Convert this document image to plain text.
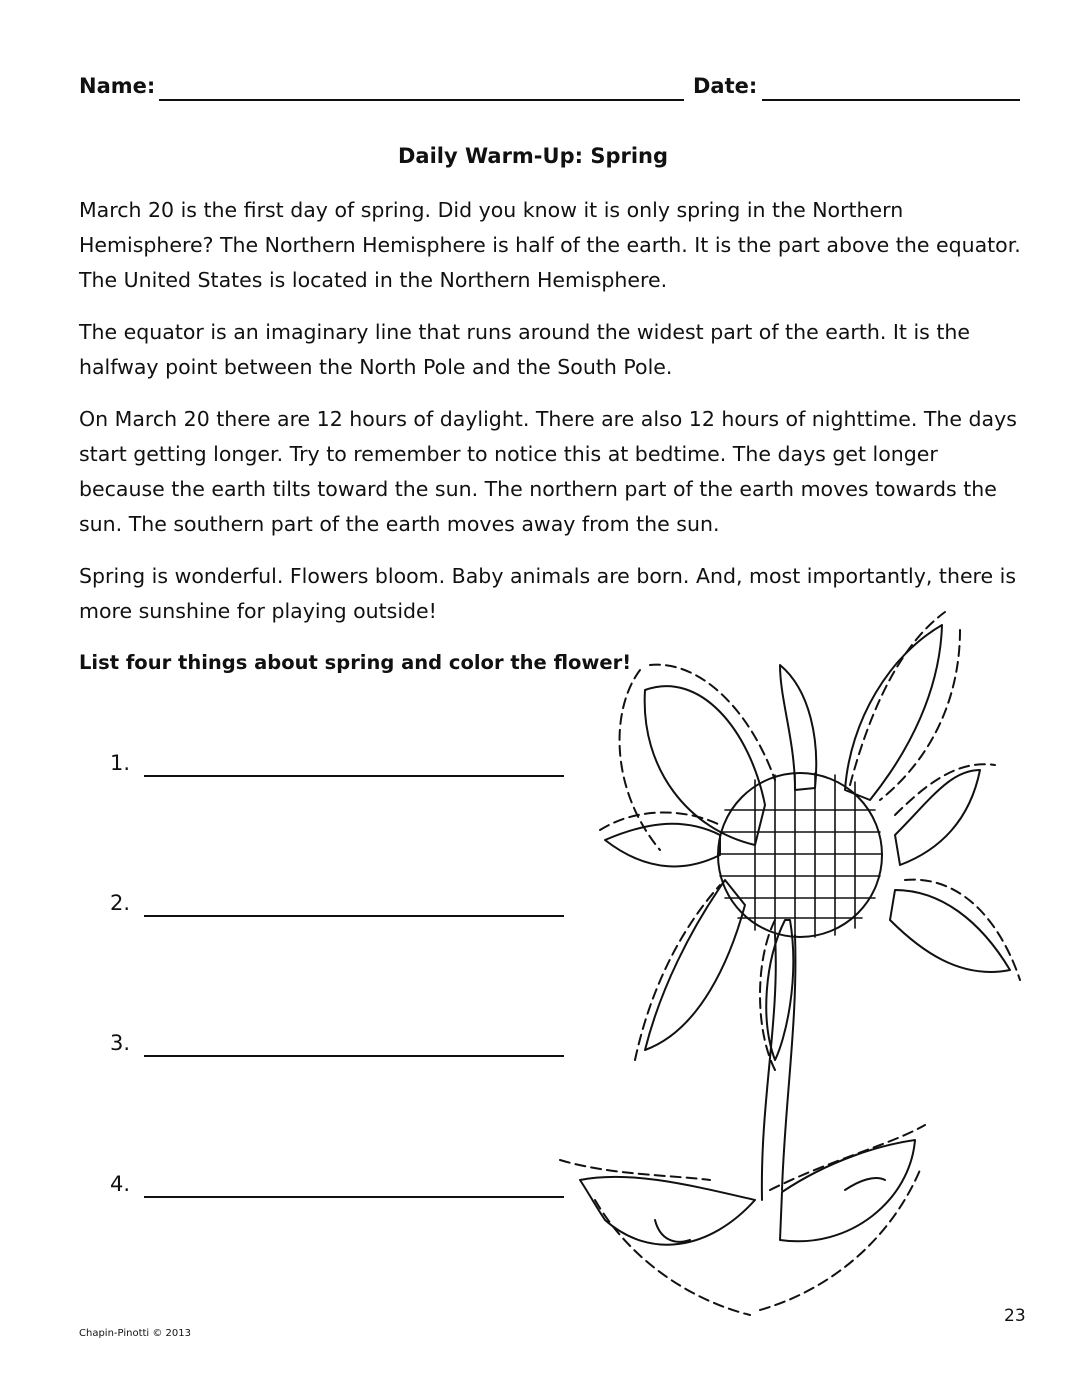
Name:	Date:
Daily Warm-Up: Spring

March 20 is the first day of spring. Did you know it is only spring in the Northern Hemisphere? The Northern Hemisphere is half of the earth. It is the part above the equator. The United States is located in the Northern Hemisphere.

The equator is an imaginary line that runs around the widest part of the earth. It is the halfway point between the North Pole and the South Pole.

On March 20 there are 12 hours of daylight. There are also 12 hours of nighttime. The days start getting longer. Try to remember to notice this at bedtime. The days get longer because the earth tilts toward the sun. The northern part of the earth moves towards the sun. The southern part of the earth moves away from the sun.

Spring is wonderful. Flowers bloom. Baby animals are born. And, most importantly, there is more sunshine for playing outside!

List four things about spring and color the flower!
1.
2.
3.
4.
Chapin-Pinotti © 2013
23
